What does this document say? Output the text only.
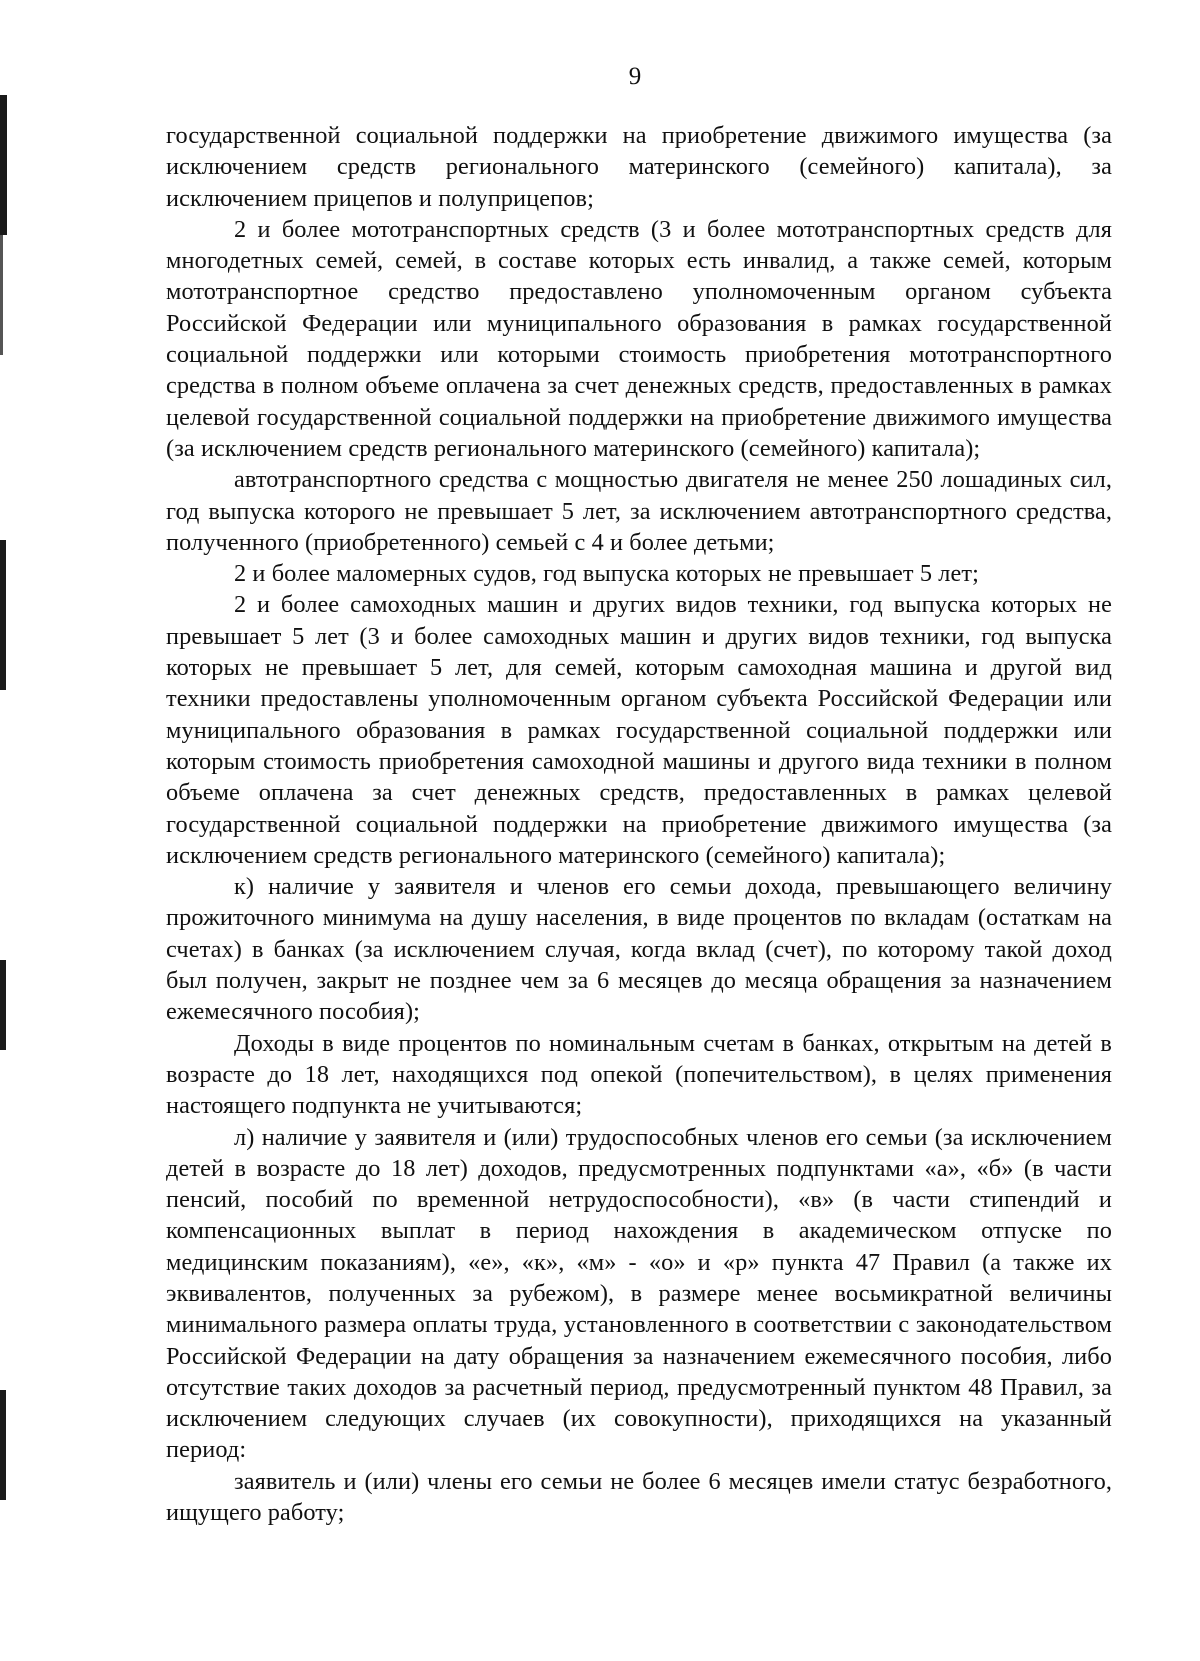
9

государственной социальной поддержки на приобретение движимого имущества (за исключением средств регионального материнского (семейного) капитала), за исключением прицепов и полуприцепов;

2 и более мототранспортных средств (3 и более мототранспортных средств для многодетных семей, семей, в составе которых есть инвалид, а также семей, которым мототранспортное средство предоставлено уполномоченным органом субъекта Российской Федерации или муниципального образования в рамках государственной социальной поддержки или которыми стоимость приобретения мототранспортного средства в полном объеме оплачена за счет денежных средств, предоставленных в рамках целевой государственной социальной поддержки на приобретение движимого имущества (за исключением средств регионального материнского (семейного) капитала);

автотранспортного средства с мощностью двигателя не менее 250 лошадиных сил, год выпуска которого не превышает 5 лет, за исключением автотранспортного средства, полученного (приобретенного) семьей с 4 и более детьми;

2 и более маломерных судов, год выпуска которых не превышает 5 лет;

2 и более самоходных машин и других видов техники, год выпуска которых не превышает 5 лет (3 и более самоходных машин и других видов техники, год выпуска которых не превышает 5 лет, для семей, которым самоходная машина и другой вид техники предоставлены уполномоченным органом субъекта Российской Федерации или муниципального образования в рамках государственной социальной поддержки или которым стоимость приобретения самоходной машины и другого вида техники в полном объеме оплачена за счет денежных средств, предоставленных в рамках целевой государственной социальной поддержки на приобретение движимого имущества (за исключением средств регионального материнского (семейного) капитала);

к) наличие у заявителя и членов его семьи дохода, превышающего величину прожиточного минимума на душу населения, в виде процентов по вкладам (остаткам на счетах) в банках (за исключением случая, когда вклад (счет), по которому такой доход был получен, закрыт не позднее чем за 6 месяцев до месяца обращения за назначением ежемесячного пособия);

Доходы в виде процентов по номинальным счетам в банках, открытым на детей в возрасте до 18 лет, находящихся под опекой (попечительством), в целях применения настоящего подпункта не учитываются;

л) наличие у заявителя и (или) трудоспособных членов его семьи (за исключением детей в возрасте до 18 лет) доходов, предусмотренных подпунктами «а», «б» (в части пенсий, пособий по временной нетрудоспособности), «в» (в части стипендий и компенсационных выплат в период нахождения в академическом отпуске по медицинским показаниям), «е», «к», «м» - «о» и «р» пункта 47 Правил (а также их эквивалентов, полученных за рубежом), в размере менее восьмикратной величины минимального размера оплаты труда, установленного в соответствии с законодательством Российской Федерации на дату обращения за назначением ежемесячного пособия, либо отсутствие таких доходов за расчетный период, предусмотренный пунктом 48 Правил, за исключением следующих случаев (их совокупности), приходящихся на указанный период:

заявитель и (или) члены его семьи не более 6 месяцев имели статус безработного, ищущего работу;
